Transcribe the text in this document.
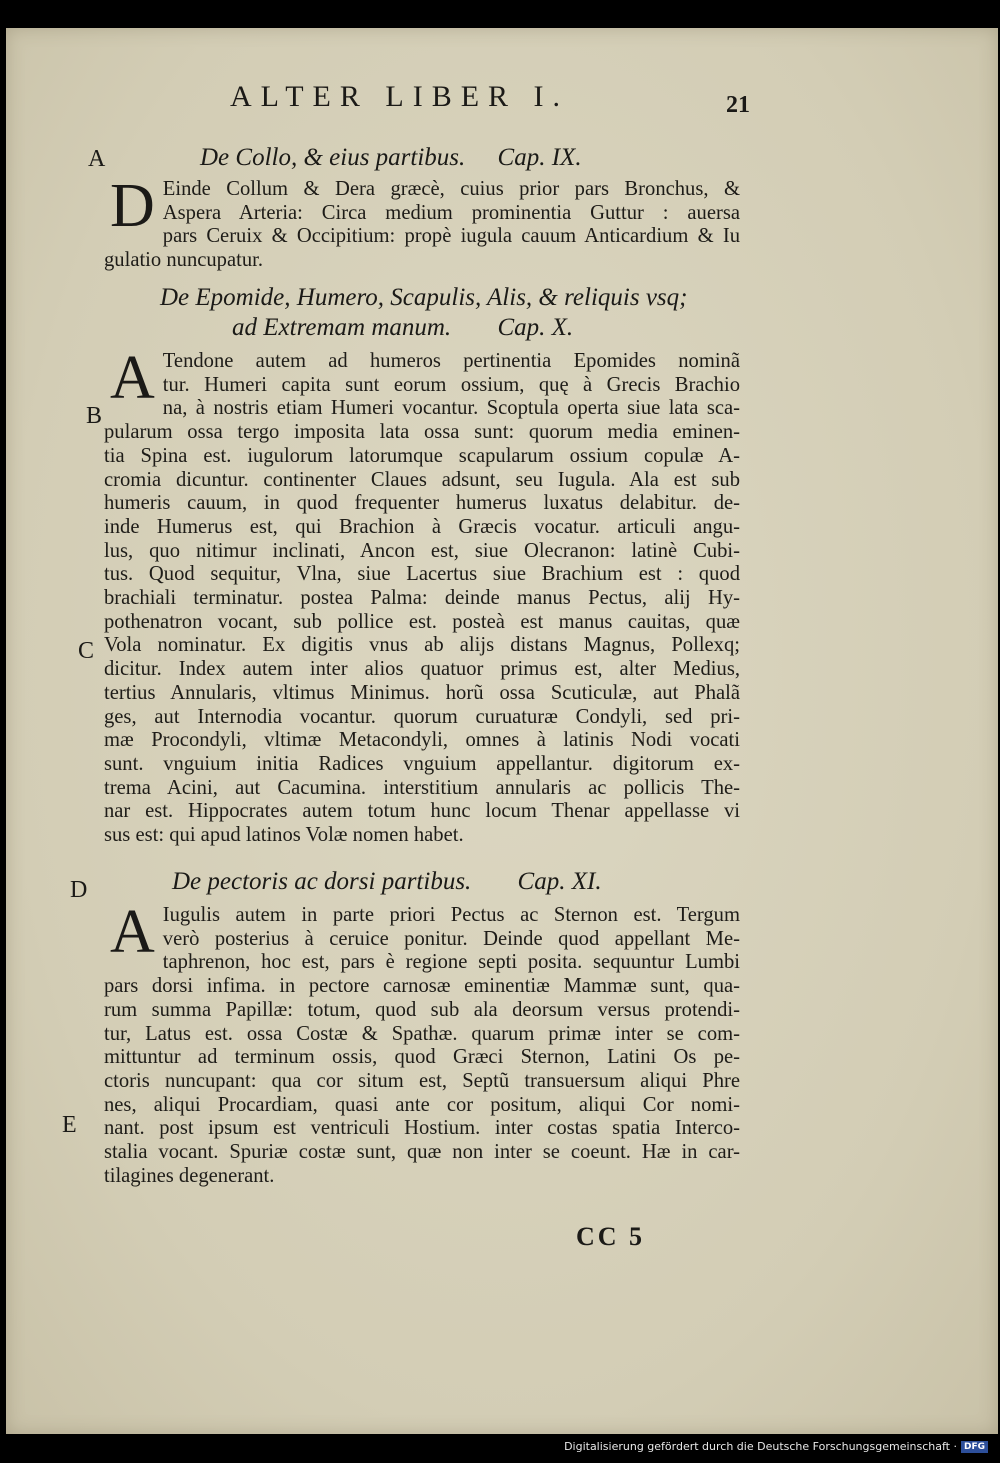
ALTER LIBER I.	21
A
B
C
D
E
De Collo, & eius partibus. Cap. IX.
D Einde Collum & Dera græcè, cuius prior pars Bronchus, &
Aspera Arteria: Circa medium prominentia Guttur : auersa
pars Ceruix & Occipitium: propè iugula cauum Anticardium & Iu
gulatio nuncupatur.
De Epomide, Humero, Scapulis, Alis, & reliquis vsq;
ad Extremam manum. Cap. X.
A Tendone autem ad humeros pertinentia Epomides nominã
tur. Humeri capita sunt eorum ossium, quę à Grecis Brachio
na, à nostris etiam Humeri vocantur. Scoptula operta siue lata sca-
pularum ossa tergo imposita lata ossa sunt: quorum media eminen-
tia Spina est. iugulorum latorumque scapularum ossium copulæ A-
cromia dicuntur. continenter Claues adsunt, seu Iugula. Ala est sub
humeris cauum, in quod frequenter humerus luxatus delabitur. de-
inde Humerus est, qui Brachion à Græcis vocatur. articuli angu-
lus, quo nitimur inclinati, Ancon est, siue Olecranon: latinè Cubi-
tus. Quod sequitur, Vlna, siue Lacertus siue Brachium est : quod
brachiali terminatur. postea Palma: deinde manus Pectus, alij Hy-
pothenatron vocant, sub pollice est. posteà est manus cauitas, quæ
Vola nominatur. Ex digitis vnus ab alijs distans Magnus, Pollexq;
dicitur. Index autem inter alios quatuor primus est, alter Medius,
tertius Annularis, vltimus Minimus. horũ ossa Scuticulæ, aut Phalã
ges, aut Internodia vocantur. quorum curuaturæ Condyli, sed pri-
mæ Procondyli, vltimæ Metacondyli, omnes à latinis Nodi vocati
sunt. vnguium initia Radices vnguium appellantur. digitorum ex-
trema Acini, aut Cacumina. interstitium annularis ac pollicis The-
nar est. Hippocrates autem totum hunc locum Thenar appellasse vi
sus est: qui apud latinos Volæ nomen habet.
De pectoris ac dorsi partibus. Cap. XI.
A Iugulis autem in parte priori Pectus ac Sternon est. Tergum
verò posterius à ceruice ponitur. Deinde quod appellant Me-
taphrenon, hoc est, pars è regione septi posita. sequuntur Lumbi
pars dorsi infima. in pectore carnosæ eminentiæ Mammæ sunt, qua-
rum summa Papillæ: totum, quod sub ala deorsum versus protendi-
tur, Latus est. ossa Costæ & Spathæ. quarum primæ inter se com-
mittuntur ad terminum ossis, quod Græci Sternon, Latini Os pe-
ctoris nuncupant: qua cor situm est, Septũ transuersum aliqui Phre
nes, aliqui Procardiam, quasi ante cor positum, aliqui Cor nomi-
nant. post ipsum est ventriculi Hostium. inter costas spatia Interco-
stalia vocant. Spuriæ costæ sunt, quæ non inter se coeunt. Hæ in car-
tilagines degenerant.
CC 5
Digitalisierung gefördert durch die Deutsche Forschungsgemeinschaft · DFG
